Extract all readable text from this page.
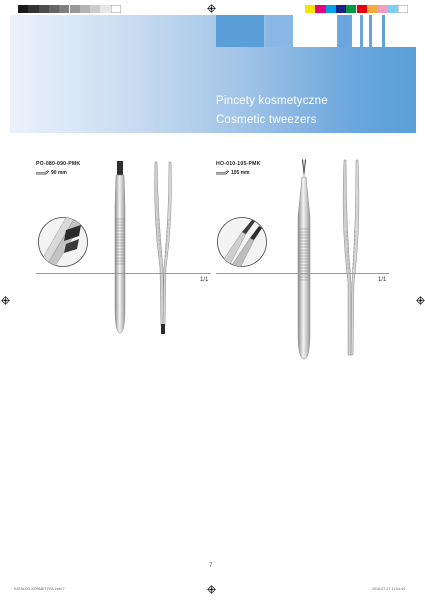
Pincety kosmetyczne
Cosmetic tweezers
PO-080-090-PMK
90 mm
1/1
HO-010-105-PMK
105 mm
1/1
7
KATALOG KOSMETYKA.indd 7	2016-07-27 11:04:44
